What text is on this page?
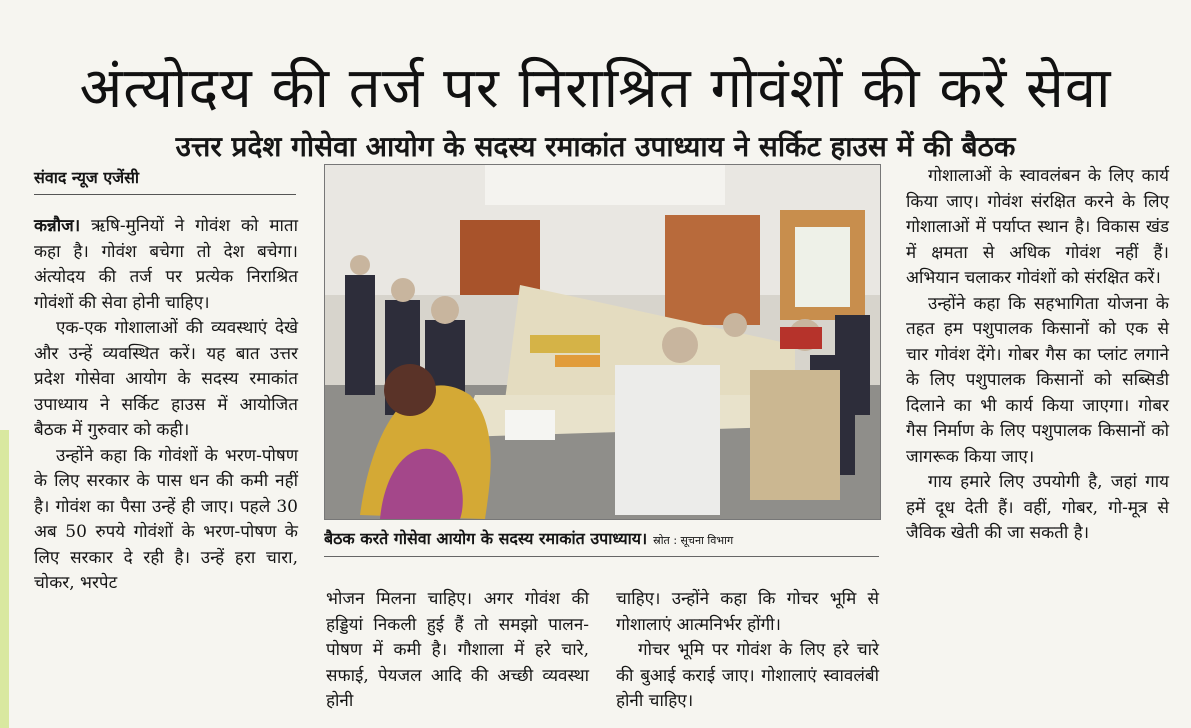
अंत्योदय की तर्ज पर निराश्रित गोवंशों की करें सेवा
उत्तर प्रदेश गोसेवा आयोग के सदस्य रमाकांत उपाध्याय ने सर्किट हाउस में की बैठक
संवाद न्यूज एजेंसी

कन्नौज। ऋषि-मुनियों ने गोवंश को माता कहा है। गोवंश बचेगा तो देश बचेगा। अंत्योदय की तर्ज पर प्रत्येक निराश्रित गोवंशों की सेवा होनी चाहिए।

एक-एक गोशालाओं की व्यवस्थाएं देखे और उन्हें व्यवस्थित करें। यह बात उत्तर प्रदेश गोसेवा आयोग के सदस्य रमाकांत उपाध्याय ने सर्किट हाउस में आयोजित बैठक में गुरुवार को कही।

उन्होंने कहा कि गोवंशों के भरण-पोषण के लिए सरकार के पास धन की कमी नहीं है। गोवंश का पैसा उन्हें ही जाए। पहले 30 अब 50 रुपये गोवंशों के भरण-पोषण के लिए सरकार दे रही है। उन्हें हरा चारा, चोकर, भरपेट

बैठक करते गोसेवा आयोग के सदस्य रमाकांत उपाध्याय। स्रोत : सूचना विभाग

भोजन मिलना चाहिए। अगर गोवंश की हड्डियां निकली हुई हैं तो समझो पालन-पोषण में कमी है। गौशाला में हरे चारे, सफाई, पेयजल आदि की अच्छी व्यवस्था होनी

चाहिए। उन्होंने कहा कि गोचर भूमि से गोशालाएं आत्मनिर्भर होंगी।

गोचर भूमि पर गोवंश के लिए हरे चारे की बुआई कराई जाए। गोशालाएं स्वावलंबी होनी चाहिए।

गोशालाओं के स्वावलंबन के लिए कार्य किया जाए। गोवंश संरक्षित करने के लिए गोशालाओं में पर्याप्त स्थान है। विकास खंड में क्षमता से अधिक गोवंश नहीं हैं। अभियान चलाकर गोवंशों को संरक्षित करें।

उन्होंने कहा कि सहभागिता योजना के तहत हम पशुपालक किसानों को एक से चार गोवंश देंगे। गोबर गैस का प्लांट लगाने के लिए पशुपालक किसानों को सब्सिडी दिलाने का भी कार्य किया जाएगा। गोबर गैस निर्माण के लिए पशुपालक किसानों को जागरूक किया जाए।

गाय हमारे लिए उपयोगी है, जहां गाय हमें दूध देती हैं। वहीं, गोबर, गो-मूत्र से जैविक खेती की जा सकती है।
